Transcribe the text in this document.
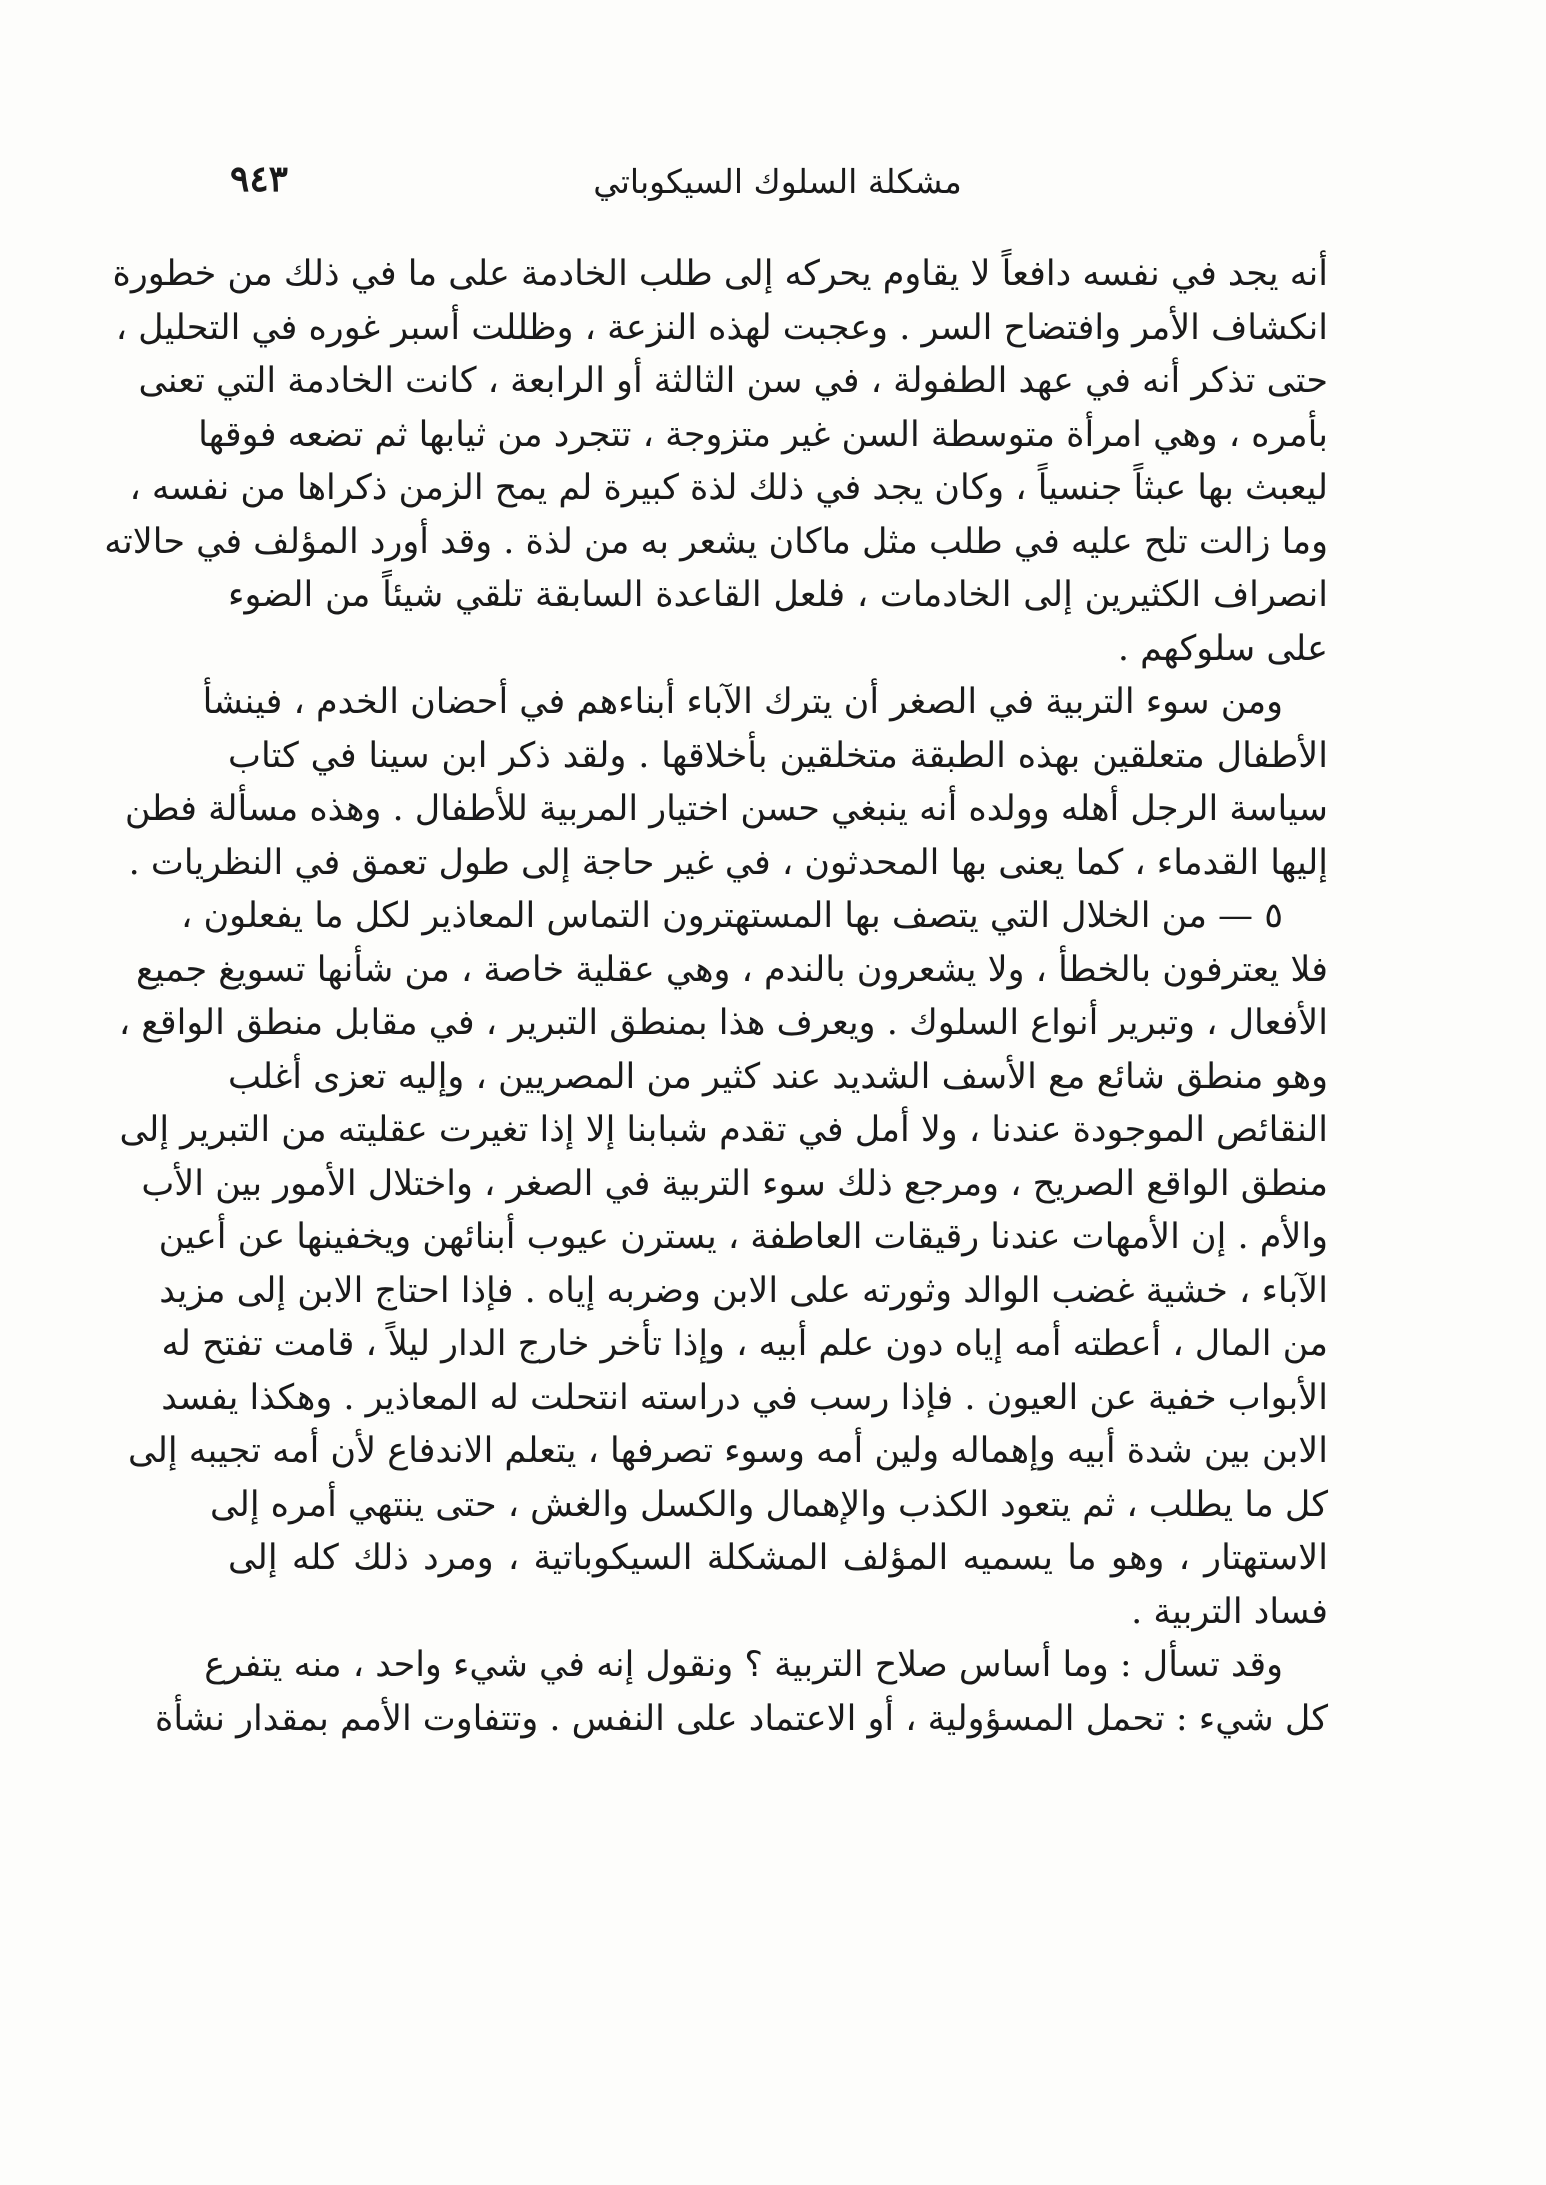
مشكلة السلوك السيكوباتي
٩٤٣
أنه يجد في نفسه دافعاً لا يقاوم يحركه إلى طلب الخادمة على ما في ذلك من خطورة
انكشاف الأمر وافتضاح السر . وعجبت لهذه النزعة ، وظللت أسبر غوره في التحليل ،
حتى تذكر أنه في عهد الطفولة ، في سن الثالثة أو الرابعة ، كانت الخادمة التي تعنى
بأمره ، وهي امرأة متوسطة السن غير متزوجة ، تتجرد من ثيابها ثم تضعه فوقها
ليعبث بها عبثاً جنسياً ، وكان يجد في ذلك لذة كبيرة لم يمح الزمن ذكراها من نفسه ،
وما زالت تلح عليه في طلب مثل ماكان يشعر به من لذة . وقد أورد المؤلف في حالاته
انصراف الكثيرين إلى الخادمات ، فلعل القاعدة السابقة تلقي شيئاً من الضوء
على سلوكهم .
ومن سوء التربية في الصغر أن يترك الآباء أبناءهم في أحضان الخدم ، فينشأ
الأطفال متعلقين بهذه الطبقة متخلقين بأخلاقها . ولقد ذكر ابن سينا في كتاب
سياسة الرجل أهله وولده أنه ينبغي حسن اختيار المربية للأطفال . وهذه مسألة فطن
إليها القدماء ، كما يعنى بها المحدثون ، في غير حاجة إلى طول تعمق في النظريات .
٥ — من الخلال التي يتصف بها المستهترون التماس المعاذير لكل ما يفعلون ،
فلا يعترفون بالخطأ ، ولا يشعرون بالندم ، وهي عقلية خاصة ، من شأنها تسويغ جميع
الأفعال ، وتبرير أنواع السلوك . ويعرف هذا بمنطق التبرير ، في مقابل منطق الواقع ،
وهو منطق شائع مع الأسف الشديد عند كثير من المصريين ، وإليه تعزى أغلب
النقائص الموجودة عندنا ، ولا أمل في تقدم شبابنا إلا إذا تغيرت عقليته من التبرير إلى
منطق الواقع الصريح ، ومرجع ذلك سوء التربية في الصغر ، واختلال الأمور بين الأب
والأم . إن الأمهات عندنا رقيقات العاطفة ، يسترن عيوب أبنائهن ويخفينها عن أعين
الآباء ، خشية غضب الوالد وثورته على الابن وضربه إياه . فإذا احتاج الابن إلى مزيد
من المال ، أعطته أمه إياه دون علم أبيه ، وإذا تأخر خارج الدار ليلاً ، قامت تفتح له
الأبواب خفية عن العيون . فإذا رسب في دراسته انتحلت له المعاذير . وهكذا يفسد
الابن بين شدة أبيه وإهماله ولين أمه وسوء تصرفها ، يتعلم الاندفاع لأن أمه تجيبه إلى
كل ما يطلب ، ثم يتعود الكذب والإهمال والكسل والغش ، حتى ينتهي أمره إلى
الاستهتار ، وهو ما يسميه المؤلف المشكلة السيكوباتية ، ومرد ذلك كله إلى
فساد التربية .
وقد تسأل : وما أساس صلاح التربية ؟ ونقول إنه في شيء واحد ، منه يتفرع
كل شيء : تحمل المسؤولية ، أو الاعتماد على النفس . وتتفاوت الأمم بمقدار نشأة
